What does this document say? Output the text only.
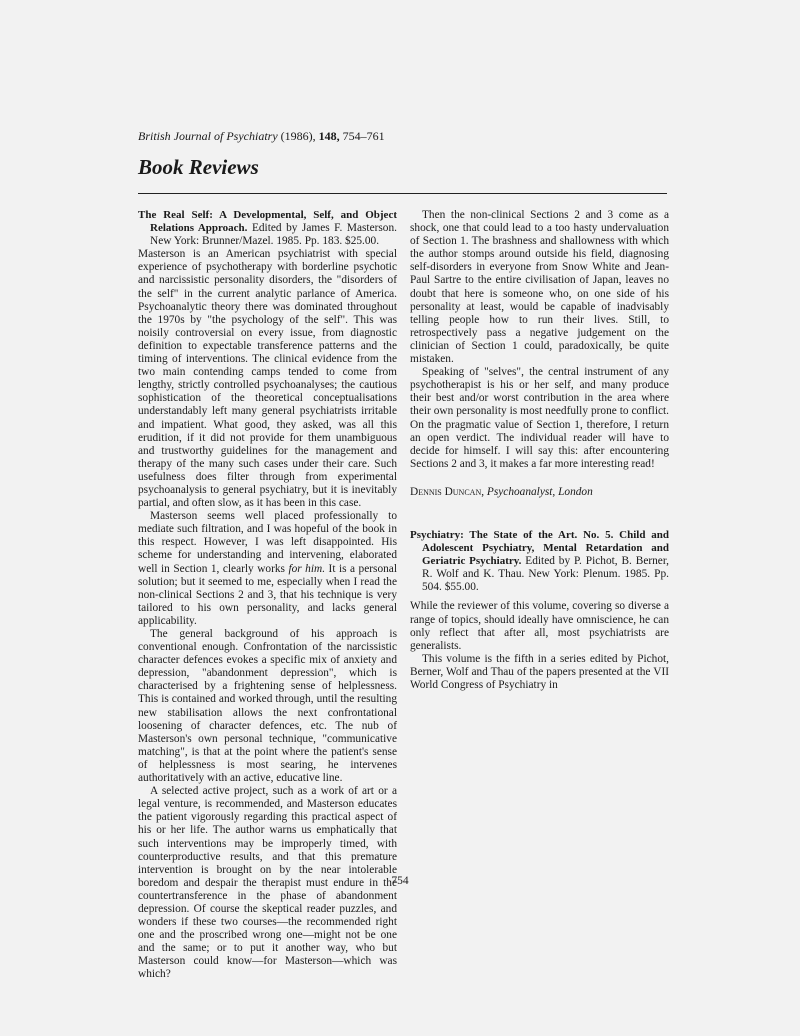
British Journal of Psychiatry (1986), 148, 754–761
Book Reviews

The Real Self: A Developmental, Self, and Object Relations Approach. Edited by James F. Masterson. New York: Brunner/Mazel. 1985. Pp. 183. $25.00.

Masterson is an American psychiatrist with special experience of psychotherapy with borderline psychotic and narcissistic personality disorders, the "disorders of the self" in the current analytic parlance of America. Psychoanalytic theory there was dominated throughout the 1970s by "the psychology of the self". This was noisily controversial on every issue, from diagnostic definition to expectable transference patterns and the timing of interventions. The clinical evidence from the two main contending camps tended to come from lengthy, strictly controlled psychoanalyses; the cautious sophistication of the theoretical conceptualisations understandably left many general psychiatrists irritable and impatient. What good, they asked, was all this erudition, if it did not provide for them unambiguous and trustworthy guidelines for the management and therapy of the many such cases under their care. Such usefulness does filter through from experimental psychoanalysis to general psychiatry, but it is inevitably partial, and often slow, as it has been in this case.

Masterson seems well placed professionally to mediate such filtration, and I was hopeful of the book in this respect. However, I was left disappointed. His scheme for understanding and intervening, elaborated well in Section 1, clearly works for him. It is a personal solution; but it seemed to me, especially when I read the non-clinical Sections 2 and 3, that his technique is very tailored to his own personality, and lacks general applicability.

The general background of his approach is conventional enough. Confrontation of the narcissistic character defences evokes a specific mix of anxiety and depression, "abandonment depression", which is characterised by a frightening sense of helplessness. This is contained and worked through, until the resulting new stabilisation allows the next confrontational loosening of character defences, etc. The nub of Masterson's own personal technique, "communicative matching", is that at the point where the patient's sense of helplessness is most searing, he intervenes authoritatively with an active, educative line.

A selected active project, such as a work of art or a legal venture, is recommended, and Masterson educates the patient vigorously regarding this practical aspect of his or her life. The author warns us emphatically that such interventions may be improperly timed, with counterproductive results, and that this premature intervention is brought on by the near intolerable boredom and despair the therapist must endure in the countertransference in the phase of abandonment depression. Of course the skeptical reader puzzles, and wonders if these two courses—the recommended right one and the proscribed wrong one—might not be one and the same; or to put it another way, who but Masterson could know—for Masterson—which was which?

Then the non-clinical Sections 2 and 3 come as a shock, one that could lead to a too hasty undervaluation of Section 1. The brashness and shallowness with which the author stomps around outside his field, diagnosing self-disorders in everyone from Snow White and Jean-Paul Sartre to the entire civilisation of Japan, leaves no doubt that here is someone who, on one side of his personality at least, would be capable of inadvisably telling people how to run their lives. Still, to retrospectively pass a negative judgement on the clinician of Section 1 could, paradoxically, be quite mistaken.

Speaking of "selves", the central instrument of any psychotherapist is his or her self, and many produce their best and/or worst contribution in the area where their own personality is most needfully prone to conflict. On the pragmatic value of Section 1, therefore, I return an open verdict. The individual reader will have to decide for himself. I will say this: after encountering Sections 2 and 3, it makes a far more interesting read!

Dennis Duncan, Psychoanalyst, London

Psychiatry: The State of the Art. No. 5. Child and Adolescent Psychiatry, Mental Retardation and Geriatric Psychiatry. Edited by P. Pichot, B. Berner, R. Wolf and K. Thau. New York: Plenum. 1985. Pp. 504. $55.00.

While the reviewer of this volume, covering so diverse a range of topics, should ideally have omniscience, he can only reflect that after all, most psychiatrists are generalists.

This volume is the fifth in a series edited by Pichot, Berner, Wolf and Thau of the papers presented at the VII World Congress of Psychiatry in

754
